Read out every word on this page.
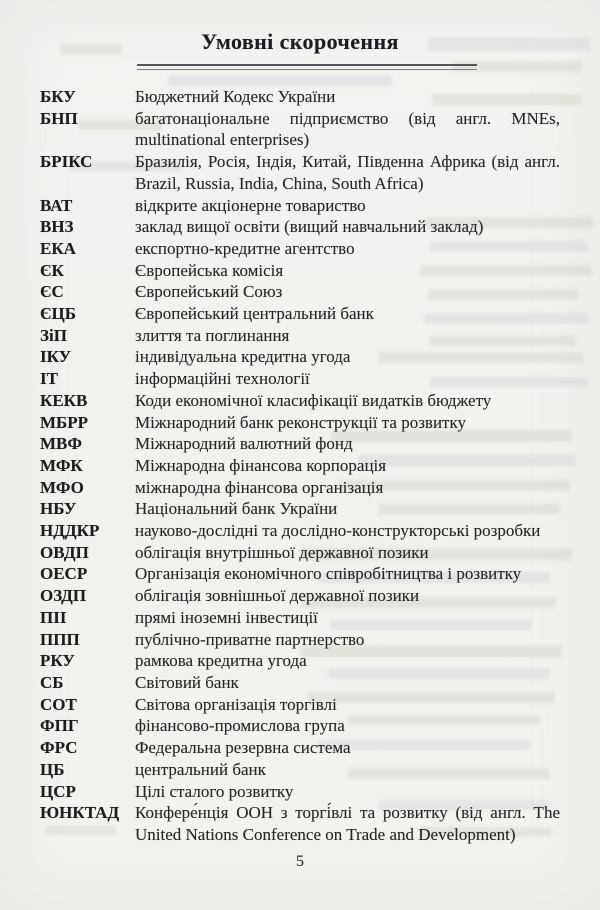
Умовні скорочення
БКУ	Бюджетний Кодекс України
БНП	багатонаціональне підприємство (від англ. MNEs,
multinational enterprises)
БРІКС	Бразилія, Росія, Індія, Китай, Південна Африка (від англ.
Brazil, Russia, India, China, South Africa)
ВАТ	відкрите акціонерне товариство
ВНЗ	заклад вищої освіти (вищий навчальний заклад)
ЕКА	експортно-кредитне агентство
ЄК	Європейська комісія
ЄС	Європейський Союз
ЄЦБ	Європейський центральний банк
ЗіП	злиття та поглинання
ІКУ	індивідуальна кредитна угода
ІТ	інформаційні технології
КЕКВ	Коди економічної класифікації видатків бюджету
МБРР	Міжнародний банк реконструкції та розвитку
МВФ	Міжнародний валютний фонд
МФК	Міжнародна фінансова корпорація
МФО	міжнародна фінансова організація
НБУ	Національний банк України
НДДКР	науково-дослідні та дослідно-конструкторські розробки
ОВДП	облігація внутрішньої державної позики
ОЕСР	Організація економічного співробітництва і розвитку
ОЗДП	облігація зовнішньої державної позики
ПІІ	прямі іноземні інвестиції
ППП	публічно-приватне партнерство
РКУ	рамкова кредитна угода
СБ	Світовий банк
СОТ	Світова організація торгівлі
ФПГ	фінансово-промислова група
ФРС	Федеральна резервна система
ЦБ	центральний банк
ЦСР	Цілі сталого розвитку
ЮНКТАД Конфере́нція ООН з торгі́влі та розвитку (від англ. The
United Nations Conference on Trade and Development)
5
